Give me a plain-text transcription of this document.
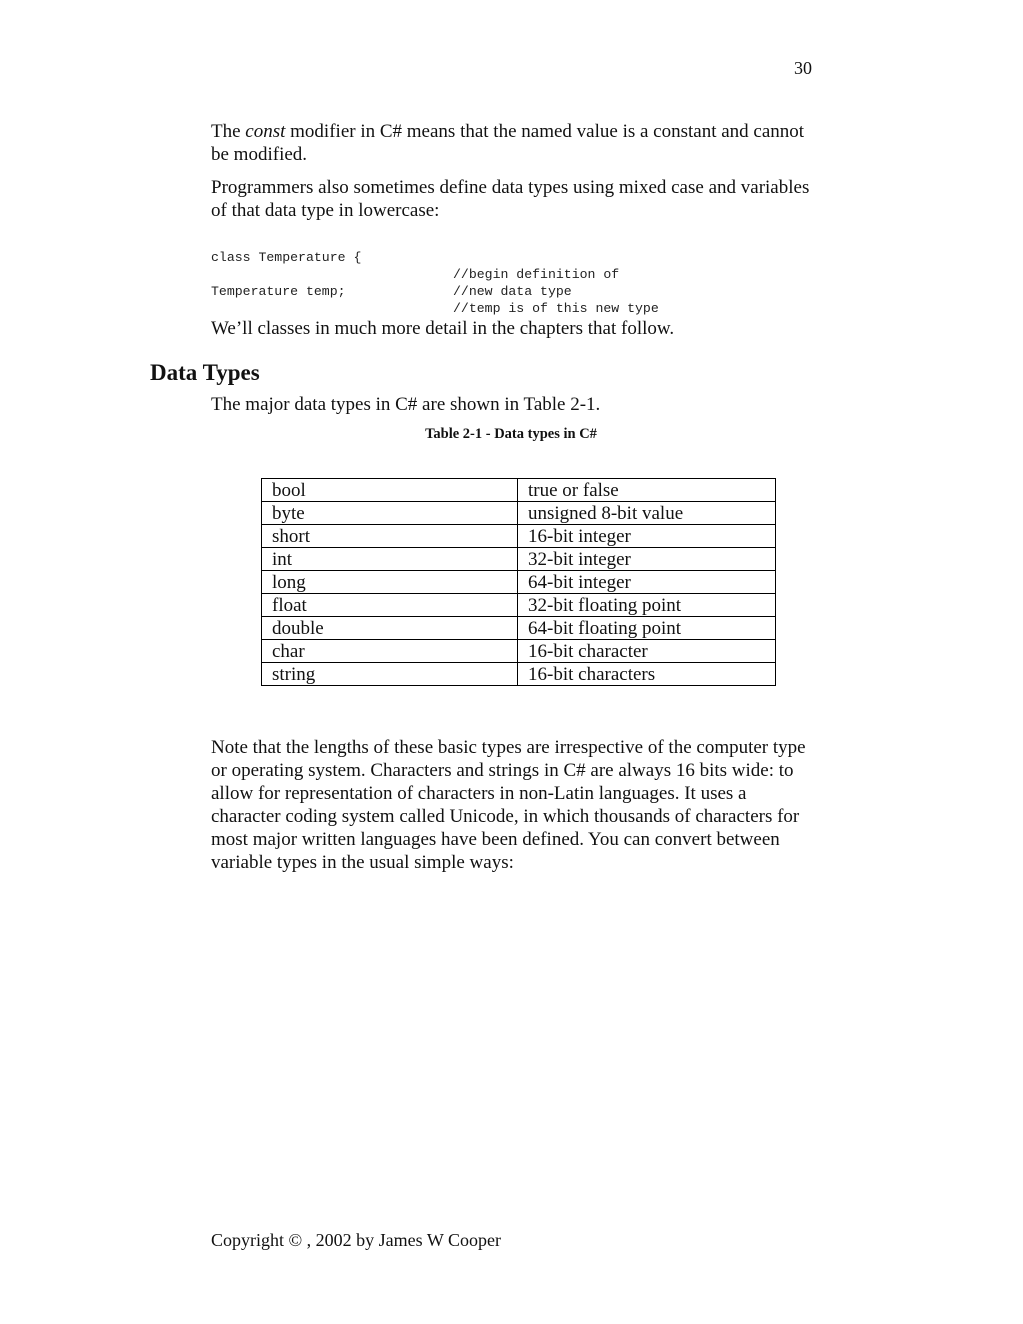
30

The const modifier in C# means that the named value is a constant and cannot be modified.

Programmers also sometimes define data types using mixed case and variables of that data type in lowercase:

class Temperature {

//begin definition of

//new data type

Temperature temp;

//temp is of this new type

We’ll classes in much more detail in the chapters that follow.

Data Types

The major data types in C# are shown in Table 2-1.

Table 2-1 - Data types in C#
bool	true or false
byte	unsigned 8-bit value
short	16-bit integer
int	32-bit integer
long	64-bit integer
float	32-bit floating point
double	64-bit floating point
char	16-bit character
string	16-bit characters

Note that the lengths of these basic types are irrespective of the computer type or operating system. Characters and strings in C# are always 16 bits wide: to allow for representation of characters in non-Latin languages. It uses a character coding system called Unicode, in which thousands of characters for most major written languages have been defined. You can convert between variable types in the usual simple ways:

Copyright © , 2002 by James W Cooper
